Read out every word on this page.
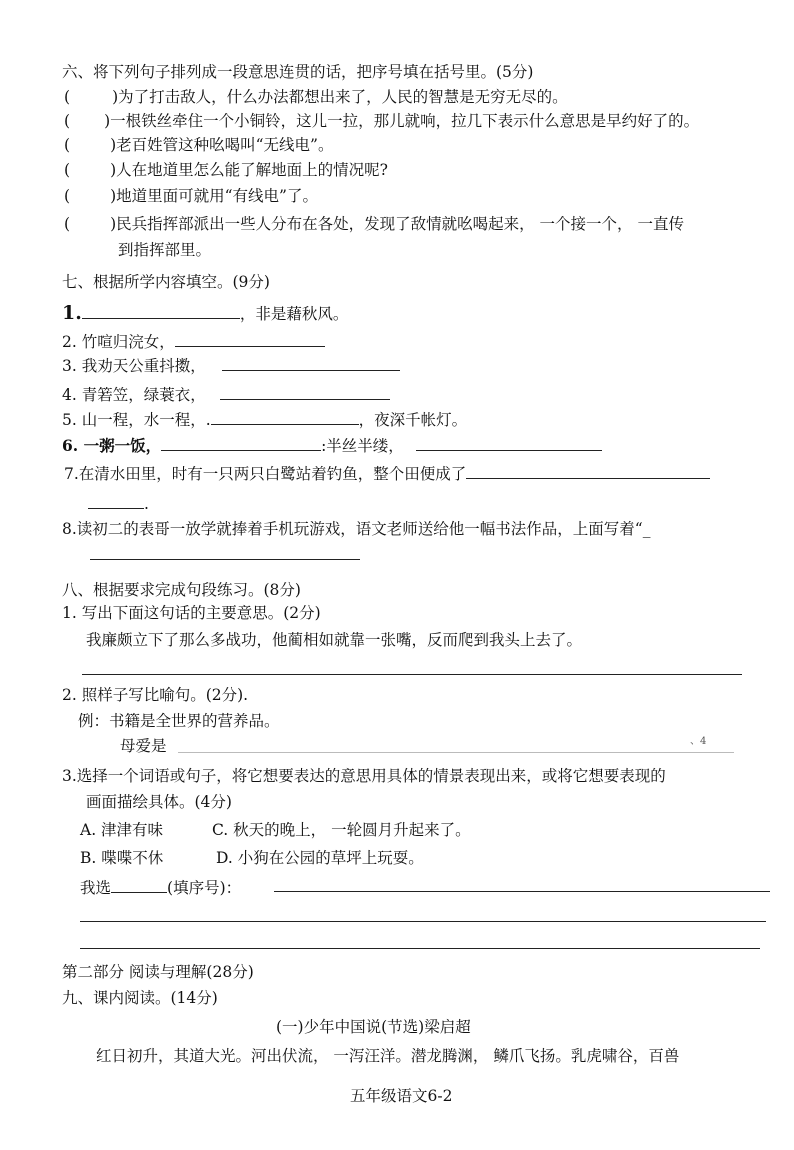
六、将下列句子排列成一段意思连贯的话，把序号填在括号里。(5分)
(	)为了打击敌人，什么办法都想出来了，人民的智慧是无穷无尽的。
( )一根铁丝牵住一个小铜铃，这儿一拉，那儿就响，拉几下表示什么意思是早约好了的。
(	)老百姓管这种吆喝叫“无线电”。
(	)人在地道里怎么能了解地面上的情况呢?
(	)地道里面可就用“有线电”了。
(	)民兵指挥部派出一些人分布在各处，发现了敌情就吆喝起来， 一个接一个， 一直传
到指挥部里。
七、根据所学内容填空。(9分)
1.	，非是藉秋风。
2. 竹喧归浣女，
3. 我劝天公重抖擞，
4. 青箬笠，绿蓑衣，
5. 山一程，水一程，.	，夜深千帐灯。
6. 一粥一饭，	:半丝半缕，
7.在清水田里，时有一只两只白鹭站着钓鱼，整个田便成了
.
8.读初二的表哥一放学就捧着手机玩游戏，语文老师送给他一幅书法作品，上面写着“_
八、根据要求完成句段练习。(8分)
1. 写出下面这句话的主要意思。(2分)
我廉颇立下了那么多战功，他蔺相如就靠一张嘴，反而爬到我头上去了。
2. 照样子写比喻句。(2分).
例：书籍是全世界的营养品。
母爱是	、4
3.选择一个词语或句子，将它想要表达的意思用具体的情景表现出来，或将它想要表现的
画面描绘具体。(4分)
A. 津津有味	C. 秋天的晚上， 一轮圆月升起来了。
B. 喋喋不休	D. 小狗在公园的草坪上玩耍。
我选	(填序号)：
第二部分 阅读与理解(28分)
九、课内阅读。(14分)
(一)少年中国说(节选)梁启超
红日初升，其道大光。河出伏流， 一泻汪洋。潜龙腾渊， 鳞爪飞扬。乳虎啸谷，百兽
五年级语文6-2
